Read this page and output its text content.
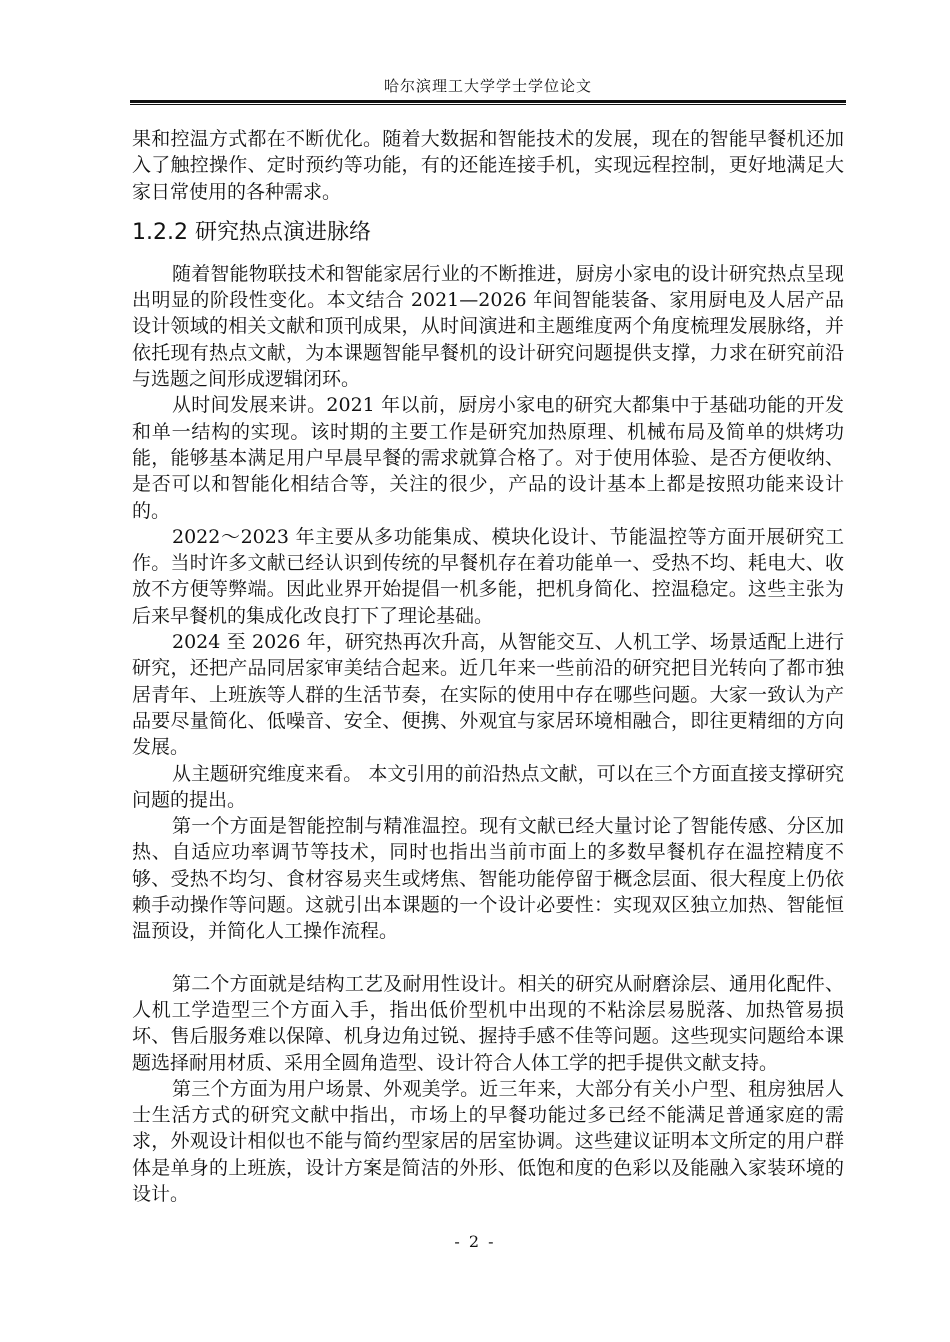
哈尔滨理工大学学士学位论文

果和控温方式都在不断优化。随着大数据和智能技术的发展，现在的智能早餐机还加入了触控操作、定时预约等功能，有的还能连接手机，实现远程控制，更好地满足大家日常使用的各种需求。

1.2.2 研究热点演进脉络

随着智能物联技术和智能家居行业的不断推进，厨房小家电的设计研究热点呈现出明显的阶段性变化。本文结合 2021—2026 年间智能装备、家用厨电及人居产品设计领域的相关文献和顶刊成果，从时间演进和主题维度两个角度梳理发展脉络，并依托现有热点文献，为本课题智能早餐机的设计研究问题提供支撑，力求在研究前沿与选题之间形成逻辑闭环。

从时间发展来讲。2021 年以前，厨房小家电的研究大都集中于基础功能的开发和单一结构的实现。该时期的主要工作是研究加热原理、机械布局及简单的烘烤功能，能够基本满足用户早晨早餐的需求就算合格了。对于使用体验、是否方便收纳、是否可以和智能化相结合等，关注的很少，产品的设计基本上都是按照功能来设计的。

2022～2023 年主要从多功能集成、模块化设计、节能温控等方面开展研究工作。当时许多文献已经认识到传统的早餐机存在着功能单一、受热不均、耗电大、收放不方便等弊端。因此业界开始提倡一机多能，把机身简化、控温稳定。这些主张为后来早餐机的集成化改良打下了理论基础。

2024 至 2026 年，研究热再次升高，从智能交互、人机工学、场景适配上进行研究，还把产品同居家审美结合起来。近几年来一些前沿的研究把目光转向了都市独居青年、上班族等人群的生活节奏，在实际的使用中存在哪些问题。大家一致认为产品要尽量简化、低噪音、安全、便携、外观宜与家居环境相融合，即往更精细的方向发展。

从主题研究维度来看。 本文引用的前沿热点文献，可以在三个方面直接支撑研究问题的提出。

第一个方面是智能控制与精准温控。现有文献已经大量讨论了智能传感、分区加热、自适应功率调节等技术，同时也指出当前市面上的多数早餐机存在温控精度不够、受热不均匀、食材容易夹生或烤焦、智能功能停留于概念层面、很大程度上仍依赖手动操作等问题。这就引出本课题的一个设计必要性：实现双区独立加热、智能恒温预设，并简化人工操作流程。

第二个方面就是结构工艺及耐用性设计。相关的研究从耐磨涂层、通用化配件、人机工学造型三个方面入手，指出低价型机中出现的不粘涂层易脱落、加热管易损坏、售后服务难以保障、机身边角过锐、握持手感不佳等问题。这些现实问题给本课题选择耐用材质、采用全圆角造型、设计符合人体工学的把手提供文献支持。

第三个方面为用户场景、外观美学。近三年来，大部分有关小户型、租房独居人士生活方式的研究文献中指出，市场上的早餐功能过多已经不能满足普通家庭的需求，外观设计相似也不能与简约型家居的居室协调。这些建议证明本文所定的用户群体是单身的上班族，设计方案是简洁的外形、低饱和度的色彩以及能融入家装环境的设计。

- 2 -
